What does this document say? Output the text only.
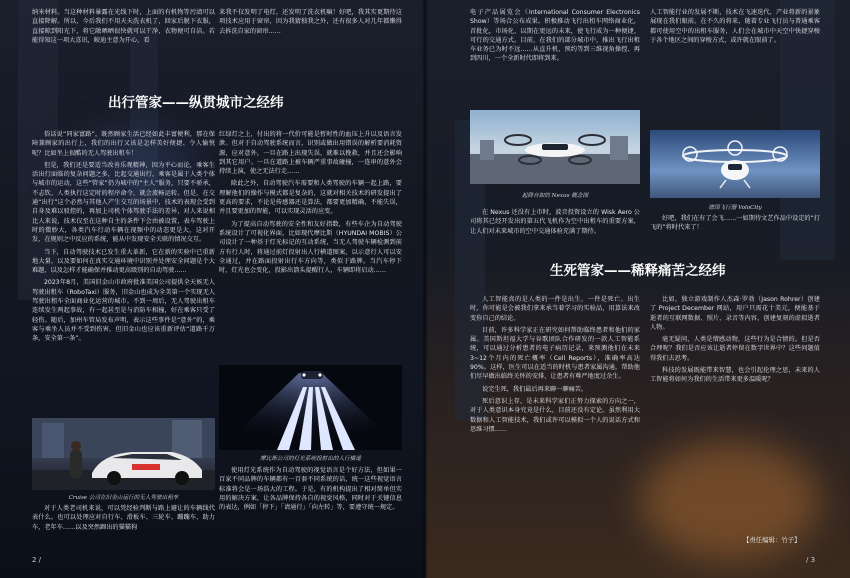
纳米材料。当这种材料暴露在光线下时，上面的有机物等污渍可以直接降解。所以，今后我们不用天天洗衣机了，回家后脱下衣服，直接晾到阳光下，将它敞晒晒很快就可以干净，衣物便可自洁。若能得知这一项大喜讯，鲛迪主意为开心，看

来我不仅发明了电灯，还发明了洗衣机嘛！好吧，我其实更期待这项技术应用于窗帘，因为我猜独我之外，还有很多人对几年都懒得去拆洗自家的窗帘……

出行管家——纵贯城市之经纬

俗话说“同家富路”，既然顾家生活已经如此丰富便利，那在保障兼顾家的出行上，我们的出行又该是怎样美好便捷、令人愉悦呢？比如坐上很酷的无人驾驶出租车！

但是，我们还是要适当改善乐观精神，因为平心而论，乘客生活出行面临的复杂问题之多，比起交通出行，乘客是属于人类个体与城市的运动，这些“管家”仍为城中的“主人”服务，只要不骄承，不忐钦，人类执行这定时的程序命令，就会流畅运转。但是，在交通“出行”这个必然与其他人产生交互的场景中，技术的表现会受到自身及难以驳控的，再加上司机个体驾驶手法的差异，对人来说相比人来说，技术仅至在这种自主的条件下会由被设置，表车驾驶上时的微妙大，各类汽车行动车辆在视频中的动态更是大，这对开发，在规则之中反应的系统，能从中发现安全关联的情况交互。

当下，自动驾驶技术已发生重大革新，它在新的实验中已重新地大量，以及要如何在真实交通环境中识别并处理安全问题是个大难题，以及怎样才能确保并推动更高级别的自动驾驶……

2023年8月，美国旧金山市政府批准美国公司提供全天候无人驾驶出租车（RoboTaxi）服务，旧金山也成为全美第一个实现无人驾驶出租车全面商业化运营的城市。不到一周后，无人驾驶出租车连续发生两起事故，有一起甚至是与消防车相撞，好在乘客只受了轻伤。随后，加州车管局发布声明，表示这些事件是“意外”的，乘客与乘坐人员并不受到伤害，但旧金山也应该重新评估“道路千万条，安全第一条”。

Cruise 公司在旧金山运行的无人驾驶出租车

对于人类老司机来说，可以凭经验判断与路上避让的车辆线代表什么。也可以处理应对自行车、滑板车、三轮车、蹦蹦车、助力车，老年车……以及突然蹿出的猫猫狗

红绿灯之上，付出的将一代价可能是暂时性的血压上升以及语言发泄。但对于自动驾驶系统而言，识别或做出用错误的解析要消耗资源，应对意外，一旦在路上出现失误，就难以挽救，并且还会影响到其它用户。一旦在道路上被车辆严重事故碰撞，一连串的意外会持续上演，使之无法行走……

除此之外，自动驾驶汽车需要和人类驾驶的车辆一起上路，要理解他们的操作与模式都是复杂的，这就对相关技术的研发提出了更高的要求，不论是传感器还是算法，都要更加精确，不能失误，并且要更加的智能，可以实现灵活的应变。

为了提高自动驾驶的安全性和友好指数，有些车企为自动驾驶系统设计了可视化界面，比如现代摩比斯（HYUNDAI MOBIS）公司设计了一种基于灯光标记的互动系统，当无人驾驶车辆检测到前方有行人时，将通过前灯投射出人行横道图案，以示意行人可以安全通过，并在路面投射出行车方向等，类似于路牌。当汽车停下时，灯光也会变化，投影出箭头提醒行人，车辆即将启动……

摩比斯公司的灯光系统投射出的人行横道

使用灯光系统作为自动驾驶的视觉语言是个好方法，但如果一百家不同品牌的车辆都有一百套不同系统的话，统一这些视觉语言标准将会是一场浩大的工程。于是，有的机构提出了相对简单但实用的解决方案，让各品牌保持各自的视觉风格，同时对于关键信息的表达，例如「停下」「请通行」「向左转」等，要遵守统一规定。

2 /

电子产品展览会（International Consumer Electronics Show）等场合公布成果。积极推动飞行出租车网络商业化，首批化，市场化，以期在更远的未来，使飞行成为一种便捷、可行的交通方式。目前，在我们的部分城市中，推出飞行出租车业务已为时不远……从直升机、预约等到三维视角操控、再到四川，一个全新时代即将到来。

起降自如的 Nexus 概念图

在 Nexus 还没有上市时，波音投资设立的 Wisk Aero 公司将其已经开发出的第五代飞机作为空中出租车的重要方案，让人们对未来城市的空中交通体验充满了期待。

人工智能行业的发展不断，技术在飞速迭代，产业将新的景象展现在我们眼前。在不久的将来，随着专业飞行员与普通乘客都可使用空中的出租车服务，人们会在城市中天空中快捷穿梭于各个地区之间的穿梭方式，或许就在眼前了。

德国飞行器 VoloCity

好吧，我们在有了会飞……一如期待文艺作品中设定的“打飞的”将时代来了！

生死管家——稀释痛苦之经纬

人工智能真的是人类的一件是出生，一件是死亡。出生时，你可能是会被我们拿来承当着学习的实验品，用算法来改变你自己的结论。

目前，许多科学家正在研究如何帮助临终患者和他们的家属。美国斯坦福大学与谷歌团队合作研发的一款人工智能系统，可以通过分析患者的电子病历记录，来预测他们在未来3~12个月内的死亡概率（Cell Reports），准确率高达90%。这样，医生可以在适当的时机与患者家属沟通，帮助他们尽早做出临终关怀的安排，让患者有尊严地度过余生。

说完生死，我们最后再来聊一聊痛苦。

死后意识上存，是未来科学家们正努力探索的方向之一，对于人类意识本身究竟是什么，目前还没有定论。虽然利用大数据和人工智能技术，我们或许可以模拟一个人的说话方式和思维习惯……

比如，独立游戏制作人杰森·罗勃（Jason Rohrer）创建了 Project December 网站，用户只需花十美元，便能基于逝者的互联网数据、照片、录音等内容，创建复刻的虚拟逝者人物。

毫无疑问，人类是情感动物，这些行为是合情的。但是否合理呢？我们是否应该让逝者停留在数字世界中？这些问题值得我们去思考。

科技的发展既能带来智慧，也会引起伦理之思，未来的人工智能将如何为我们的生活带来更多温暖呢？

【责任编辑：竹子】
/ 3
